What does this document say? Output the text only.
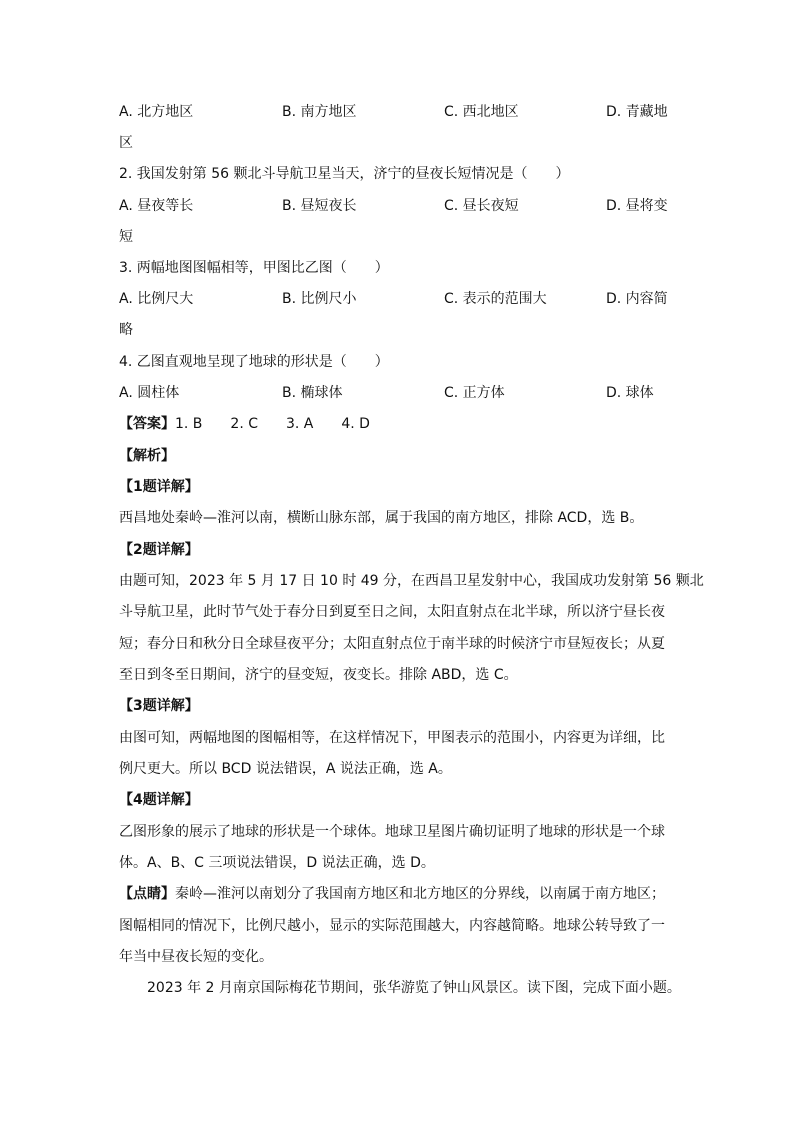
A. 北方地区	B. 南方地区	C. 西北地区	D. 青藏地
区
2. 我国发射第 56 颗北斗导航卫星当天，济宁的昼夜长短情况是（　　）
A. 昼夜等长	B. 昼短夜长	C. 昼长夜短	D. 昼将变
短
3. 两幅地图图幅相等，甲图比乙图（　　）
A. 比例尺大	B. 比例尺小	C. 表示的范围大	D. 内容简
略
4. 乙图直观地呈现了地球的形状是（　　）
A. 圆柱体	B. 椭球体	C. 正方体	D. 球体
【答案】1. B　　2. C　　3. A　　4. D
【解析】
【1题详解】
西昌地处秦岭—淮河以南，横断山脉东部，属于我国的南方地区，排除 ACD，选 B。
【2题详解】
由题可知，2023 年 5 月 17 日 10 时 49 分，在西昌卫星发射中心，我国成功发射第 56 颗北
斗导航卫星，此时节气处于春分日到夏至日之间，太阳直射点在北半球，所以济宁昼长夜
短；春分日和秋分日全球昼夜平分；太阳直射点位于南半球的时候济宁市昼短夜长；从夏
至日到冬至日期间，济宁的昼变短，夜变长。排除 ABD，选 C。
【3题详解】
由图可知，两幅地图的图幅相等，在这样情况下，甲图表示的范围小，内容更为详细，比
例尺更大。所以 BCD 说法错误，A 说法正确，选 A。
【4题详解】
乙图形象的展示了地球的形状是一个球体。地球卫星图片确切证明了地球的形状是一个球
体。A、B、C 三项说法错误，D 说法正确，选 D。
【点睛】秦岭—淮河以南划分了我国南方地区和北方地区的分界线，以南属于南方地区；
图幅相同的情况下，比例尺越小，显示的实际范围越大，内容越简略。地球公转导致了一
年当中昼夜长短的变化。
2023 年 2 月南京国际梅花节期间，张华游览了钟山风景区。读下图，完成下面小题。
